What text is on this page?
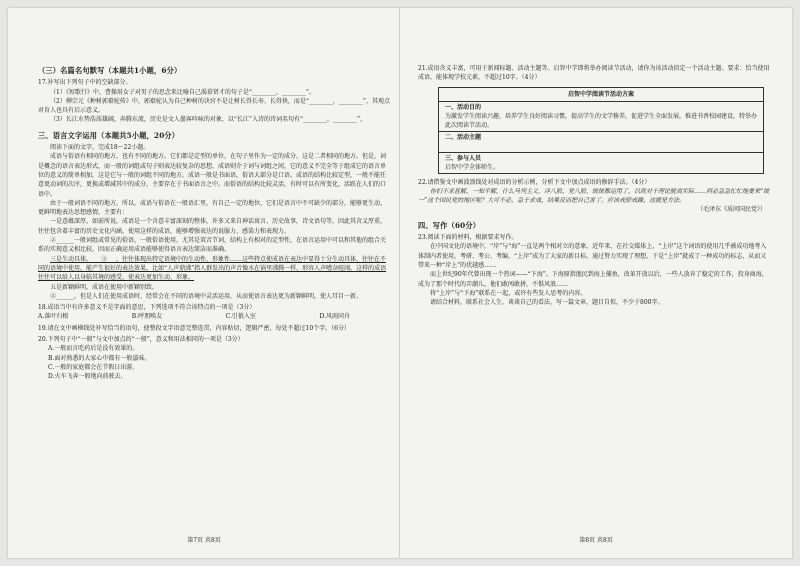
（三）名篇名句默写（本题共1小题，6分）

17.补写出下列句子中的空缺部分。

（1）《短歌行》中，曹操用女子对男子的思念来比喻自己渴慕贤才的句子是“________，________”。

（2）柳宗元《种树郭橐驼传》中，郭橐驼认为自己种树的诀窍不是让树长得长寿、长得快，而是“________，________”，其观点对育人也具有启示意义。

（3）长江水势浩荡雄阔，奔腾东流，历史是文人墨客吟咏的对象，以“长江”入诗的诗词名句有“________，________”。

三、语言文字运用（本题共5小题，20分）

阅读下面的文字，完成18～22小题。

成语与俗语有相同的地方，也有不同的地方。它们都是定型的单位，在句子里作为一定的成分，这是二者相同的地方。但是，词是概念的语言表达形式，而一般的词组或句子则表达较复杂的思想，成语则介于词与词组之间，它的意义不完全等于组成它的语言单位的意义的简单相加，这是它与一般的词组不同的地方。成语一般是书面语，俗语大部分是口语。成语的结构比较定型，一般不能任意更动词的次序，更换或增减其中的成分，主要存在于书面语言之中。而俗语的结构比较灵活，有时可以有所变化，活跃在人们的口语中。

由于一般词语不同的地方，所以，成语与俗语在一般语汇里，有自己一定的地位，它们是语言中不可缺少的部分，能够更生动、更鲜明地表达思想感情，主要有：

一是意蕴深厚。如前所说，成语是一个含意丰富深刻的整体，许多又来自神话寓言、历史故事，诗文语句等，因此其含义厚重，往往包含着丰富的历史文化内涵，使用这样的成语，能够增强表达的说服力、感染力和表现力。

②______一般词组或常见的俗语，一般俗语使用，尤其是双音节词，结构上有相对的定型性，在语言运用中可以和其他的组合关系的实现意义相比较。因而正确运用成语能够使得语言表达简洁而准确。

三是生动具体。___③___，往往体现出特定语境中的生动性、形象性……这些特点使成语在表达中显得十分生动具体，往往在不同的语境中使用，能产生很好的表达效果，比如“人声鼎沸”指人群发出的声音像水在锅里沸腾一样，形容人声嘈杂喧闹。这样的成语往往可以给人以身临其境的感受，使表达更加生动、形象。

五是新颖鲜明，成语在使用中新颖别致。

④______，但是人们在使用成语时，经常会在不同的语境中灵活运用，从而使语言表达更为新颖鲜明，使人耳目一新。

18.成语当中有许多意义不是字面的意思，下列选项不符合该特点的一项是（3分）

A.落叶归根	B.呼朋唤友	C.引狼入室	D.风雨同舟

19.请在文中画横线处补写恰当的语句，使整段文字语意完整连贯，内容贴切，逻辑严密，每处不超过10个字。（6分）

20.下列句子中“一般”与文中加点的“一般”，意义和用法相同的一项是（3分）

A.一般而言吃药后是没有效果的。

B.面对熟悉的大家心中都有一般滋味。

C.一般的家庭都会在节假日出游。

D.火车飞奔一般地向前驶去。

第7页 共8页

21.成语含义丰富，可用于新闻标题、活动主题等。启智中学即将举办阅读节活动，请你为该活动拟定一个活动主题。要求：恰当使用成语，能体现学校元素，不超过10字。（4分）

启智中学阅读节活动方案
一、活动目的
为激发学生阅读兴趣，培养学生良好阅读习惯，提高学生的文学修养，促进学生全面发展，推进书香校园建设，特举办此次阅读节活动。
二、活动主题
三、参与人员
启智中学全体师生。

22.请借鉴文中画波浪线处对成语的分析示例，分析下文中加点成语的修辞手法。（4分）

你们不求甚解，一知半解，什么马列主义，洋八股、党八股，统统都运用了，以致对于理论脱离实际……何必急急忙忙地要来“统一”这个国民党的地区呢？大可不必，急于求成，结果反而把自己害了。应该戒骄戒躁，这就是方法。

（毛泽东《质问国民党》）

四、写作（60分）

23.阅读下面的材料，根据要求写作。

在中国文化的语境中，“岸”与“海”一直是两个相对立的意象。近年来，在社交媒体上，“上岸”这个词语的使用几乎被成功地考入体制内者使用，考研、考公、考编，“上岸”成为了大家的新目标。通过努力实现了理想，于是“上岸”就成了一种成功的标志，从而又带来一种“岸上”的优越感……

而上世纪90年代曾出现一个热词——“下海”。下海原指渔民到海上捕鱼，改革开放以后，一些人放弃了稳定的工作，投身商海，成为了那个时代的弄潮儿，他们敢闯敢拼，不惧风浪……

将“上岸”与“下海”联系在一起，或许有些发人思考的内容。

请结合材料，联系社会人生，谈谈自己的看法，写一篇文章，题目自拟，不少于800字。

第8页 共8页
